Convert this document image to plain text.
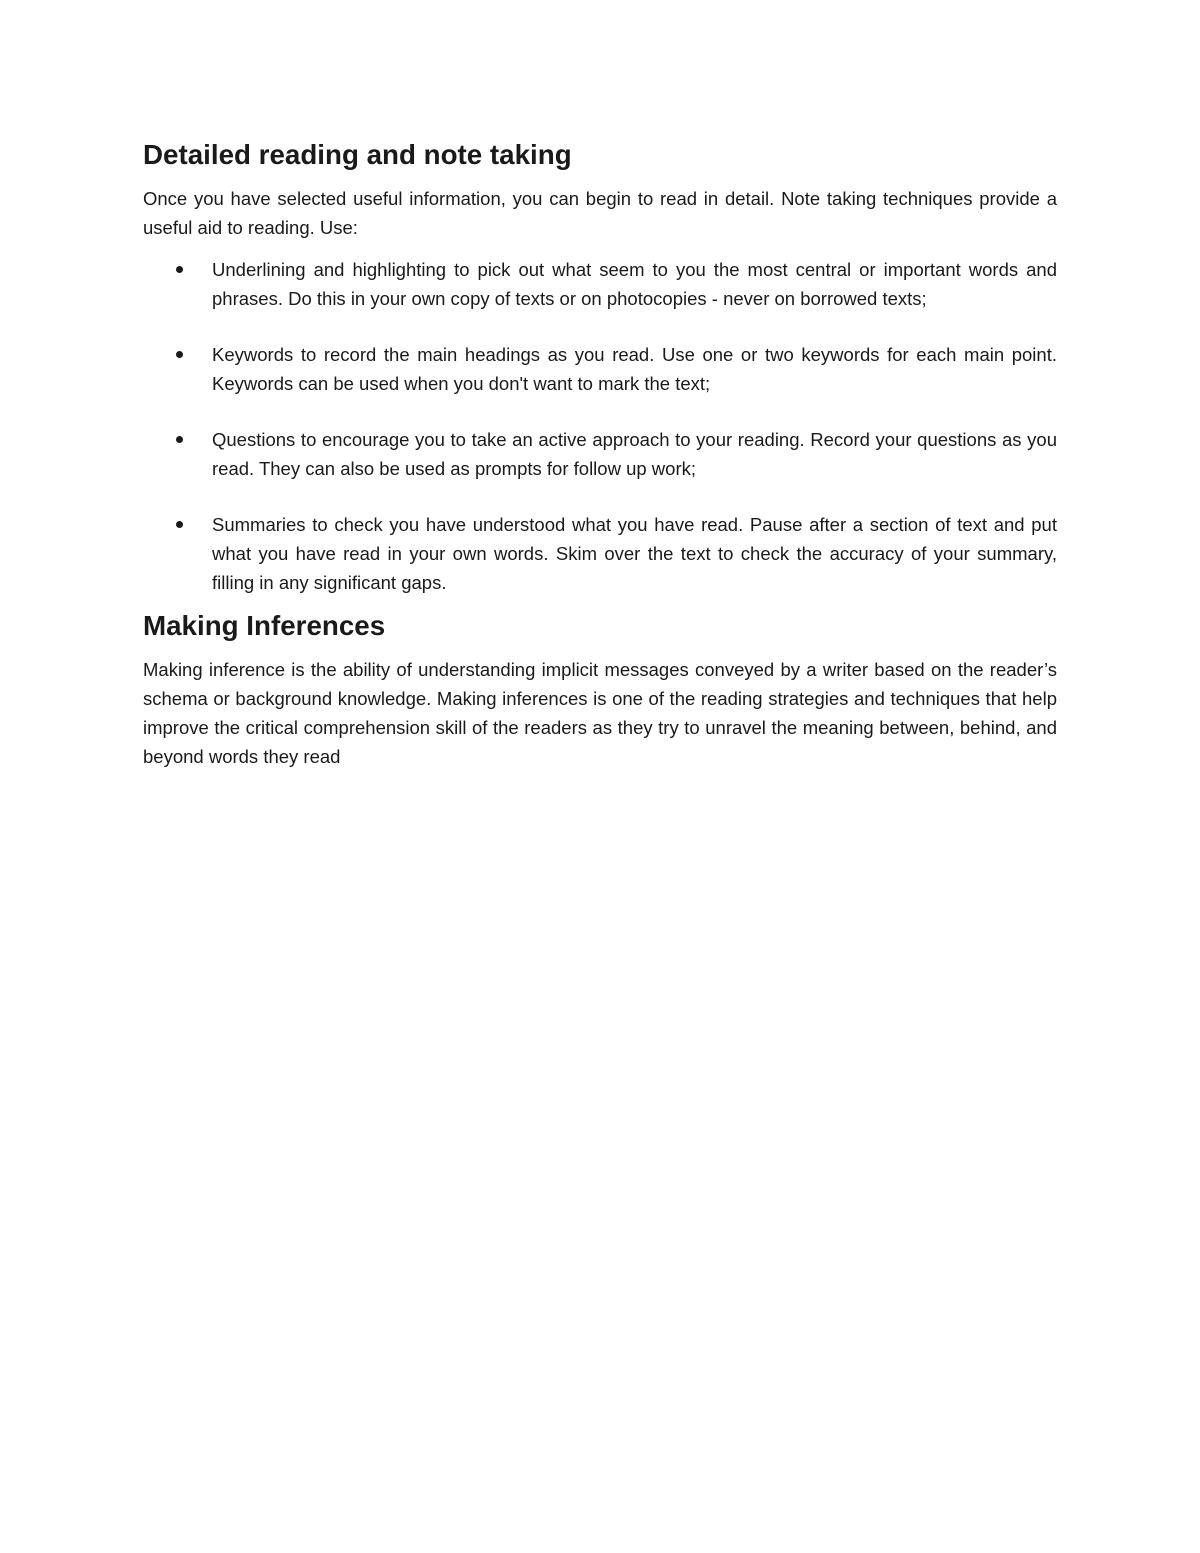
Detailed reading and note taking

Once you have selected useful information, you can begin to read in detail. Note taking techniques provide a useful aid to reading. Use:

Underlining and highlighting to pick out what seem to you the most central or important words and phrases. Do this in your own copy of texts or on photocopies - never on borrowed texts;
Keywords to record the main headings as you read. Use one or two keywords for each main point. Keywords can be used when you don't want to mark the text;
Questions to encourage you to take an active approach to your reading. Record your questions as you read. They can also be used as prompts for follow up work;
Summaries to check you have understood what you have read. Pause after a section of text and put what you have read in your own words. Skim over the text to check the accuracy of your summary, filling in any significant gaps.
Making Inferences

Making inference is the ability of understanding implicit messages conveyed by a writer based on the reader’s schema or background knowledge. Making inferences is one of the reading strategies and techniques that help improve the critical comprehension skill of the readers as they try to unravel the meaning between, behind, and beyond words they read
